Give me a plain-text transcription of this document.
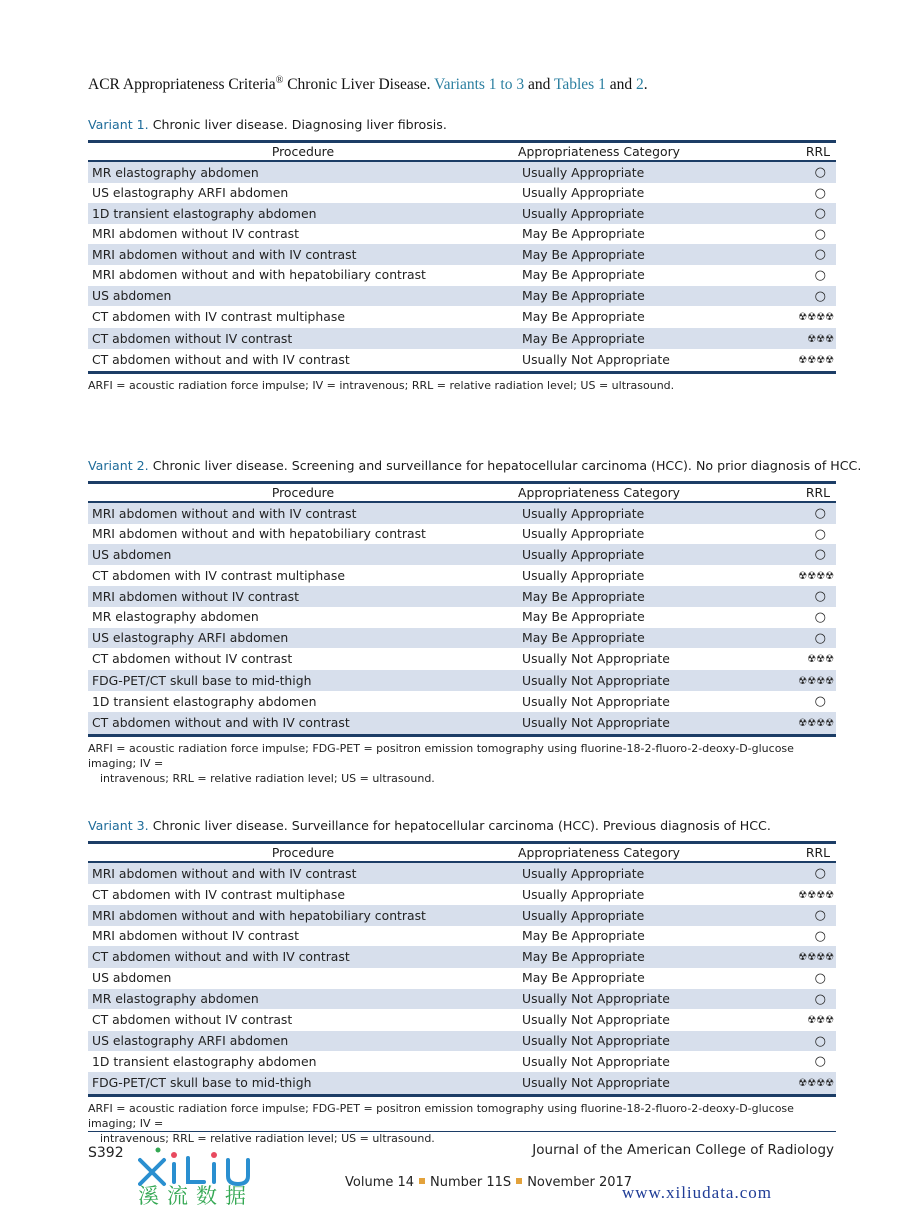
ACR Appropriateness Criteria® Chronic Liver Disease. Variants 1 to 3 and Tables 1 and 2.
Variant 1. Chronic liver disease. Diagnosing liver fibrosis.
Procedure	Appropriateness Category	RRL
MR elastography abdomen	Usually Appropriate	○
US elastography ARFI abdomen	Usually Appropriate	○
1D transient elastography abdomen	Usually Appropriate	○
MRI abdomen without IV contrast	May Be Appropriate	○
MRI abdomen without and with IV contrast	May Be Appropriate	○
MRI abdomen without and with hepatobiliary contrast	May Be Appropriate	○
US abdomen	May Be Appropriate	○
CT abdomen with IV contrast multiphase	May Be Appropriate	☢☢☢☢
CT abdomen without IV contrast	May Be Appropriate	☢☢☢
CT abdomen without and with IV contrast	Usually Not Appropriate	☢☢☢☢
ARFI = acoustic radiation force impulse; IV = intravenous; RRL = relative radiation level; US = ultrasound.
Variant 2. Chronic liver disease. Screening and surveillance for hepatocellular carcinoma (HCC). No prior diagnosis of HCC.
Procedure	Appropriateness Category	RRL
MRI abdomen without and with IV contrast	Usually Appropriate	○
MRI abdomen without and with hepatobiliary contrast	Usually Appropriate	○
US abdomen	Usually Appropriate	○
CT abdomen with IV contrast multiphase	Usually Appropriate	☢☢☢☢
MRI abdomen without IV contrast	May Be Appropriate	○
MR elastography abdomen	May Be Appropriate	○
US elastography ARFI abdomen	May Be Appropriate	○
CT abdomen without IV contrast	Usually Not Appropriate	☢☢☢
FDG-PET/CT skull base to mid-thigh	Usually Not Appropriate	☢☢☢☢
1D transient elastography abdomen	Usually Not Appropriate	○
CT abdomen without and with IV contrast	Usually Not Appropriate	☢☢☢☢
ARFI = acoustic radiation force impulse; FDG-PET = positron emission tomography using fluorine-18-2-fluoro-2-deoxy-D-glucose imaging; IV =
intravenous; RRL = relative radiation level; US = ultrasound.
Variant 3. Chronic liver disease. Surveillance for hepatocellular carcinoma (HCC). Previous diagnosis of HCC.
Procedure	Appropriateness Category	RRL
MRI abdomen without and with IV contrast	Usually Appropriate	○
CT abdomen with IV contrast multiphase	Usually Appropriate	☢☢☢☢
MRI abdomen without and with hepatobiliary contrast	Usually Appropriate	○
MRI abdomen without IV contrast	May Be Appropriate	○
CT abdomen without and with IV contrast	May Be Appropriate	☢☢☢☢
US abdomen	May Be Appropriate	○
MR elastography abdomen	Usually Not Appropriate	○
CT abdomen without IV contrast	Usually Not Appropriate	☢☢☢
US elastography ARFI abdomen	Usually Not Appropriate	○
1D transient elastography abdomen	Usually Not Appropriate	○
FDG-PET/CT skull base to mid-thigh	Usually Not Appropriate	☢☢☢☢
ARFI = acoustic radiation force impulse; FDG-PET = positron emission tomography using fluorine-18-2-fluoro-2-deoxy-D-glucose imaging; IV =
intravenous; RRL = relative radiation level; US = ultrasound.
S392
溪流数据
Journal of the American College of Radiology
Volume 14 Number 11S November 2017
www.xiliudata.com
